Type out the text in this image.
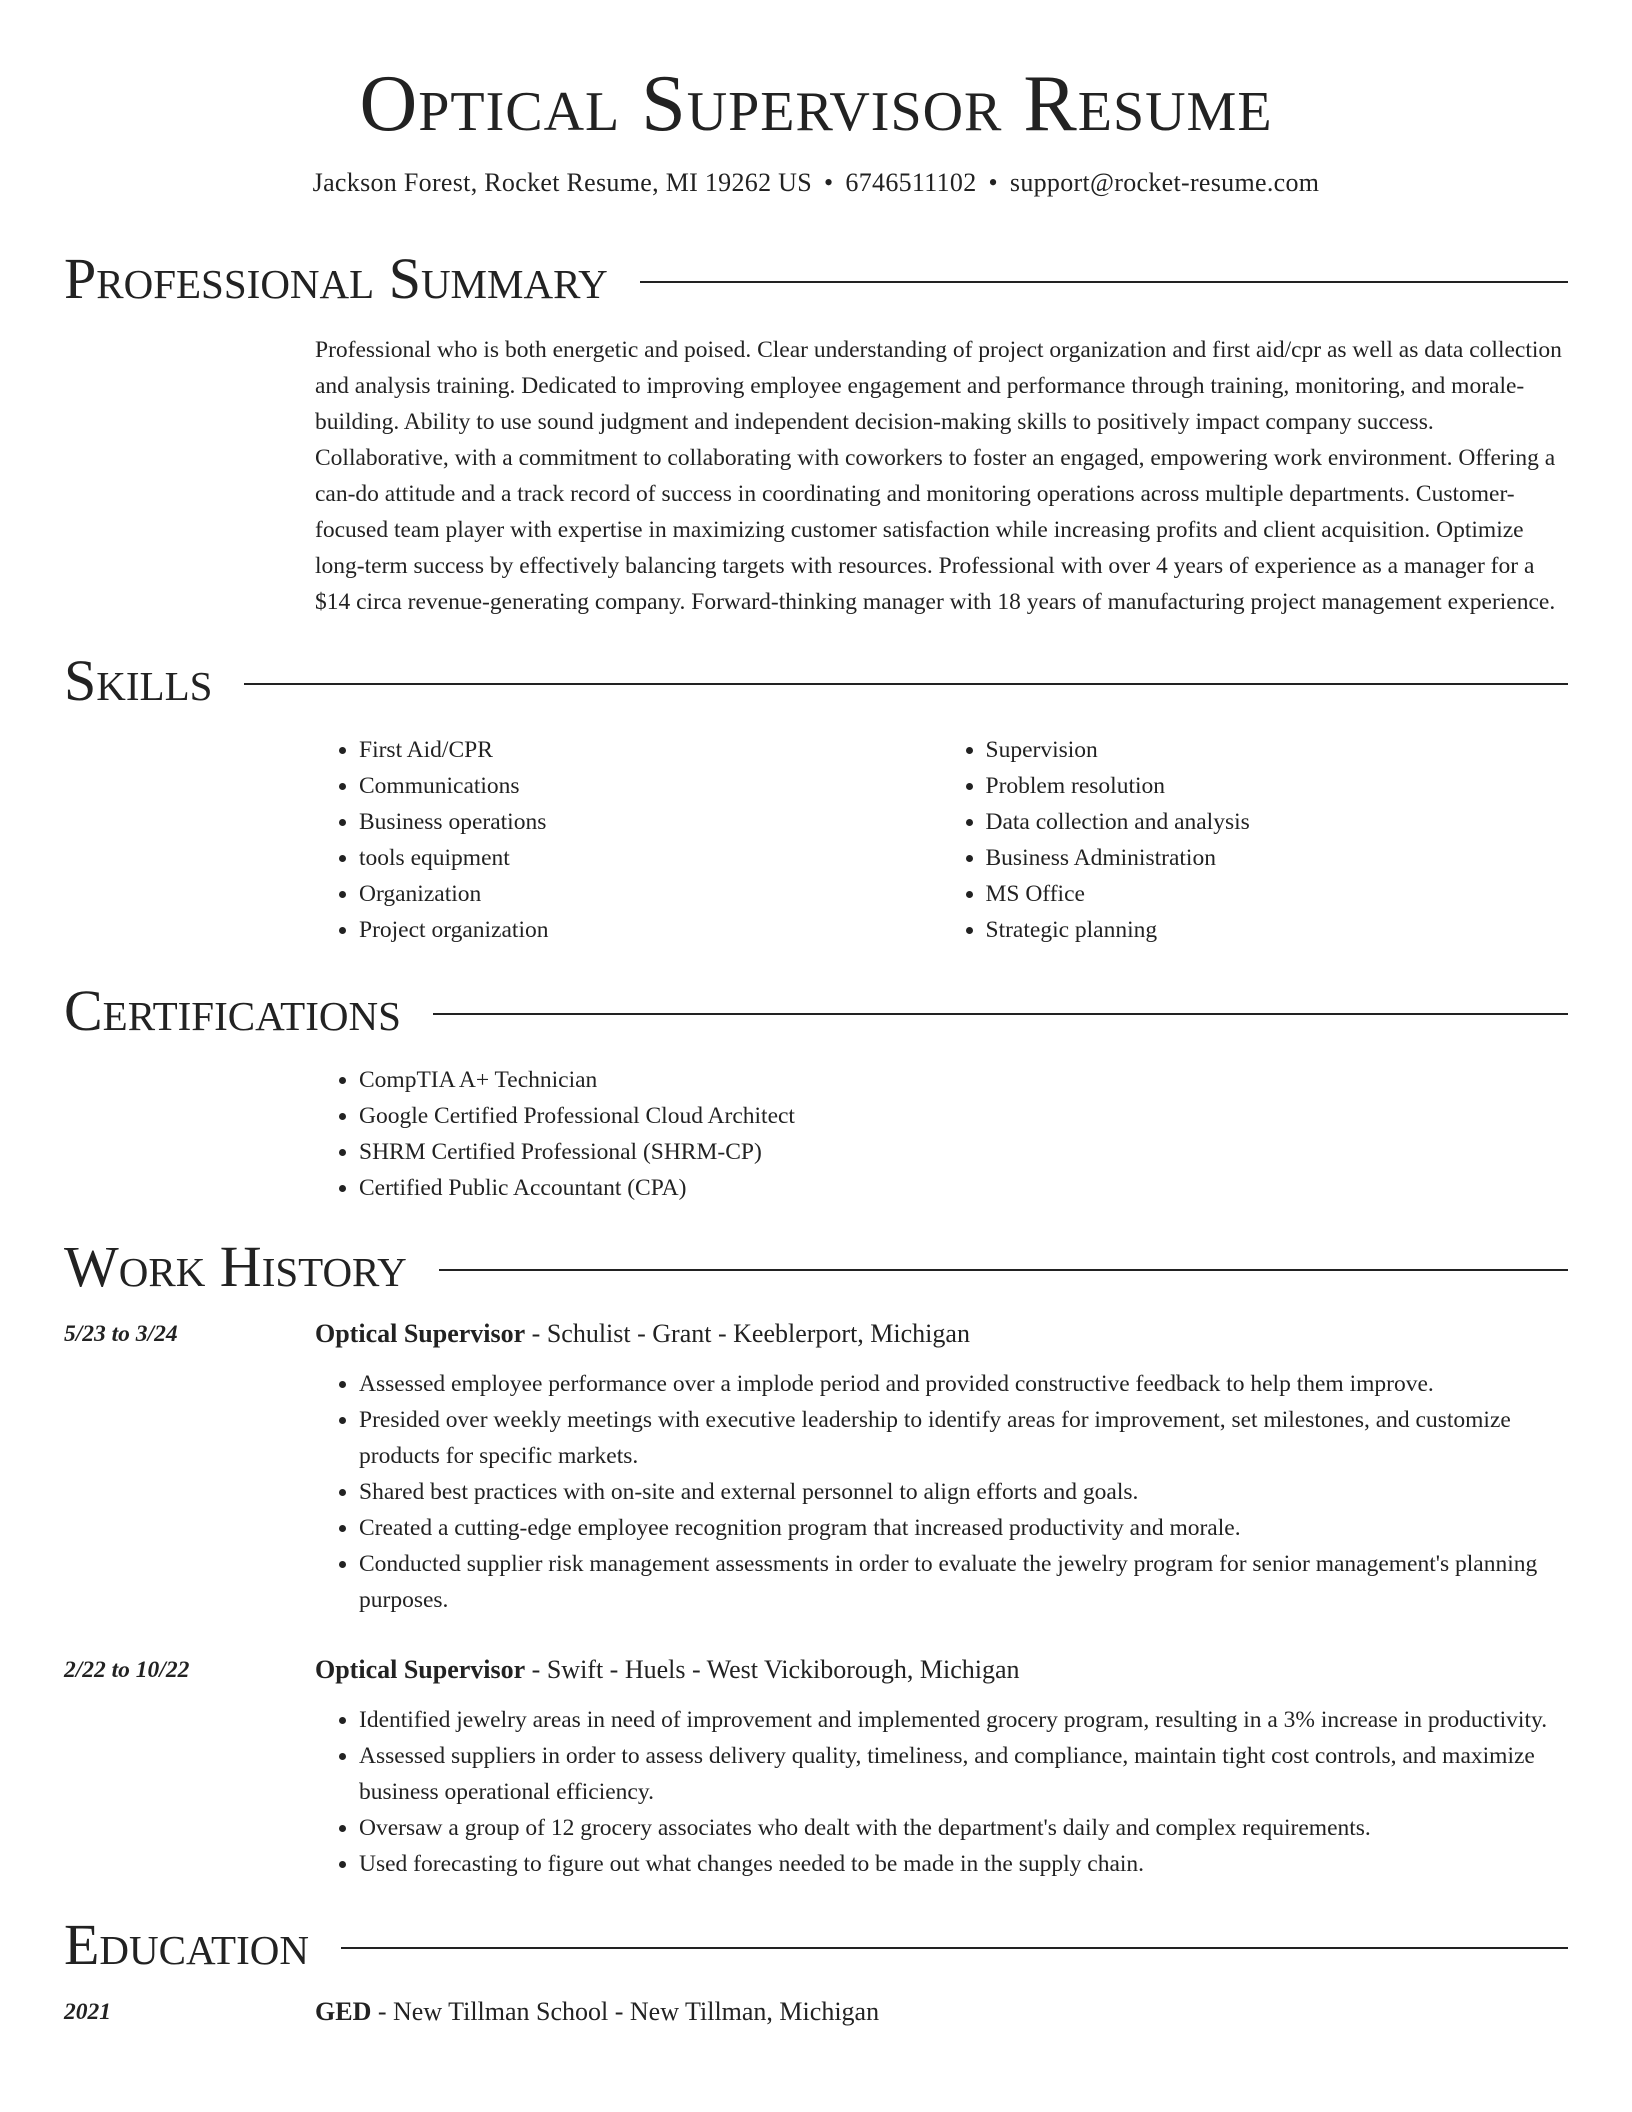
Optical Supervisor Resume
Jackson Forest, Rocket Resume, MI 19262 US • 6746511102 • support@rocket-resume.com
Professional Summary

Professional who is both energetic and poised. Clear understanding of project organization and first aid/cpr as well as data collection and analysis training. Dedicated to improving employee engagement and performance through training, monitoring, and morale-building. Ability to use sound judgment and independent decision-making skills to positively impact company success. Collaborative, with a commitment to collaborating with coworkers to foster an engaged, empowering work environment. Offering a can-do attitude and a track record of success in coordinating and monitoring operations across multiple departments. Customer-focused team player with expertise in maximizing customer satisfaction while increasing profits and client acquisition. Optimize long-term success by effectively balancing targets with resources. Professional with over 4 years of experience as a manager for a $14 circa revenue-generating company. Forward-thinking manager with 18 years of manufacturing project management experience.

Skills
• First Aid/CPR
• Communications
• Business operations
• tools equipment
• Organization
• Project organization
• Supervision
• Problem resolution
• Data collection and analysis
• Business Administration
• MS Office
• Strategic planning
Certifications
• CompTIA A+ Technician
• Google Certified Professional Cloud Architect
• SHRM Certified Professional (SHRM-CP)
• Certified Public Accountant (CPA)
Work History
5/23 to 3/24	Optical Supervisor - Schulist - Grant - Keeblerport, Michigan
• Assessed employee performance over a implode period and provided constructive feedback to help them improve.
• Presided over weekly meetings with executive leadership to identify areas for improvement, set milestones, and customize products for specific markets.
• Shared best practices with on-site and external personnel to align efforts and goals.
• Created a cutting-edge employee recognition program that increased productivity and morale.
• Conducted supplier risk management assessments in order to evaluate the jewelry program for senior management's planning purposes.
2/22 to 10/22	Optical Supervisor - Swift - Huels - West Vickiborough, Michigan
• Identified jewelry areas in need of improvement and implemented grocery program, resulting in a 3% increase in productivity.
• Assessed suppliers in order to assess delivery quality, timeliness, and compliance, maintain tight cost controls, and maximize business operational efficiency.
• Oversaw a group of 12 grocery associates who dealt with the department's daily and complex requirements.
• Used forecasting to figure out what changes needed to be made in the supply chain.
Education
2021	GED - New Tillman School - New Tillman, Michigan
